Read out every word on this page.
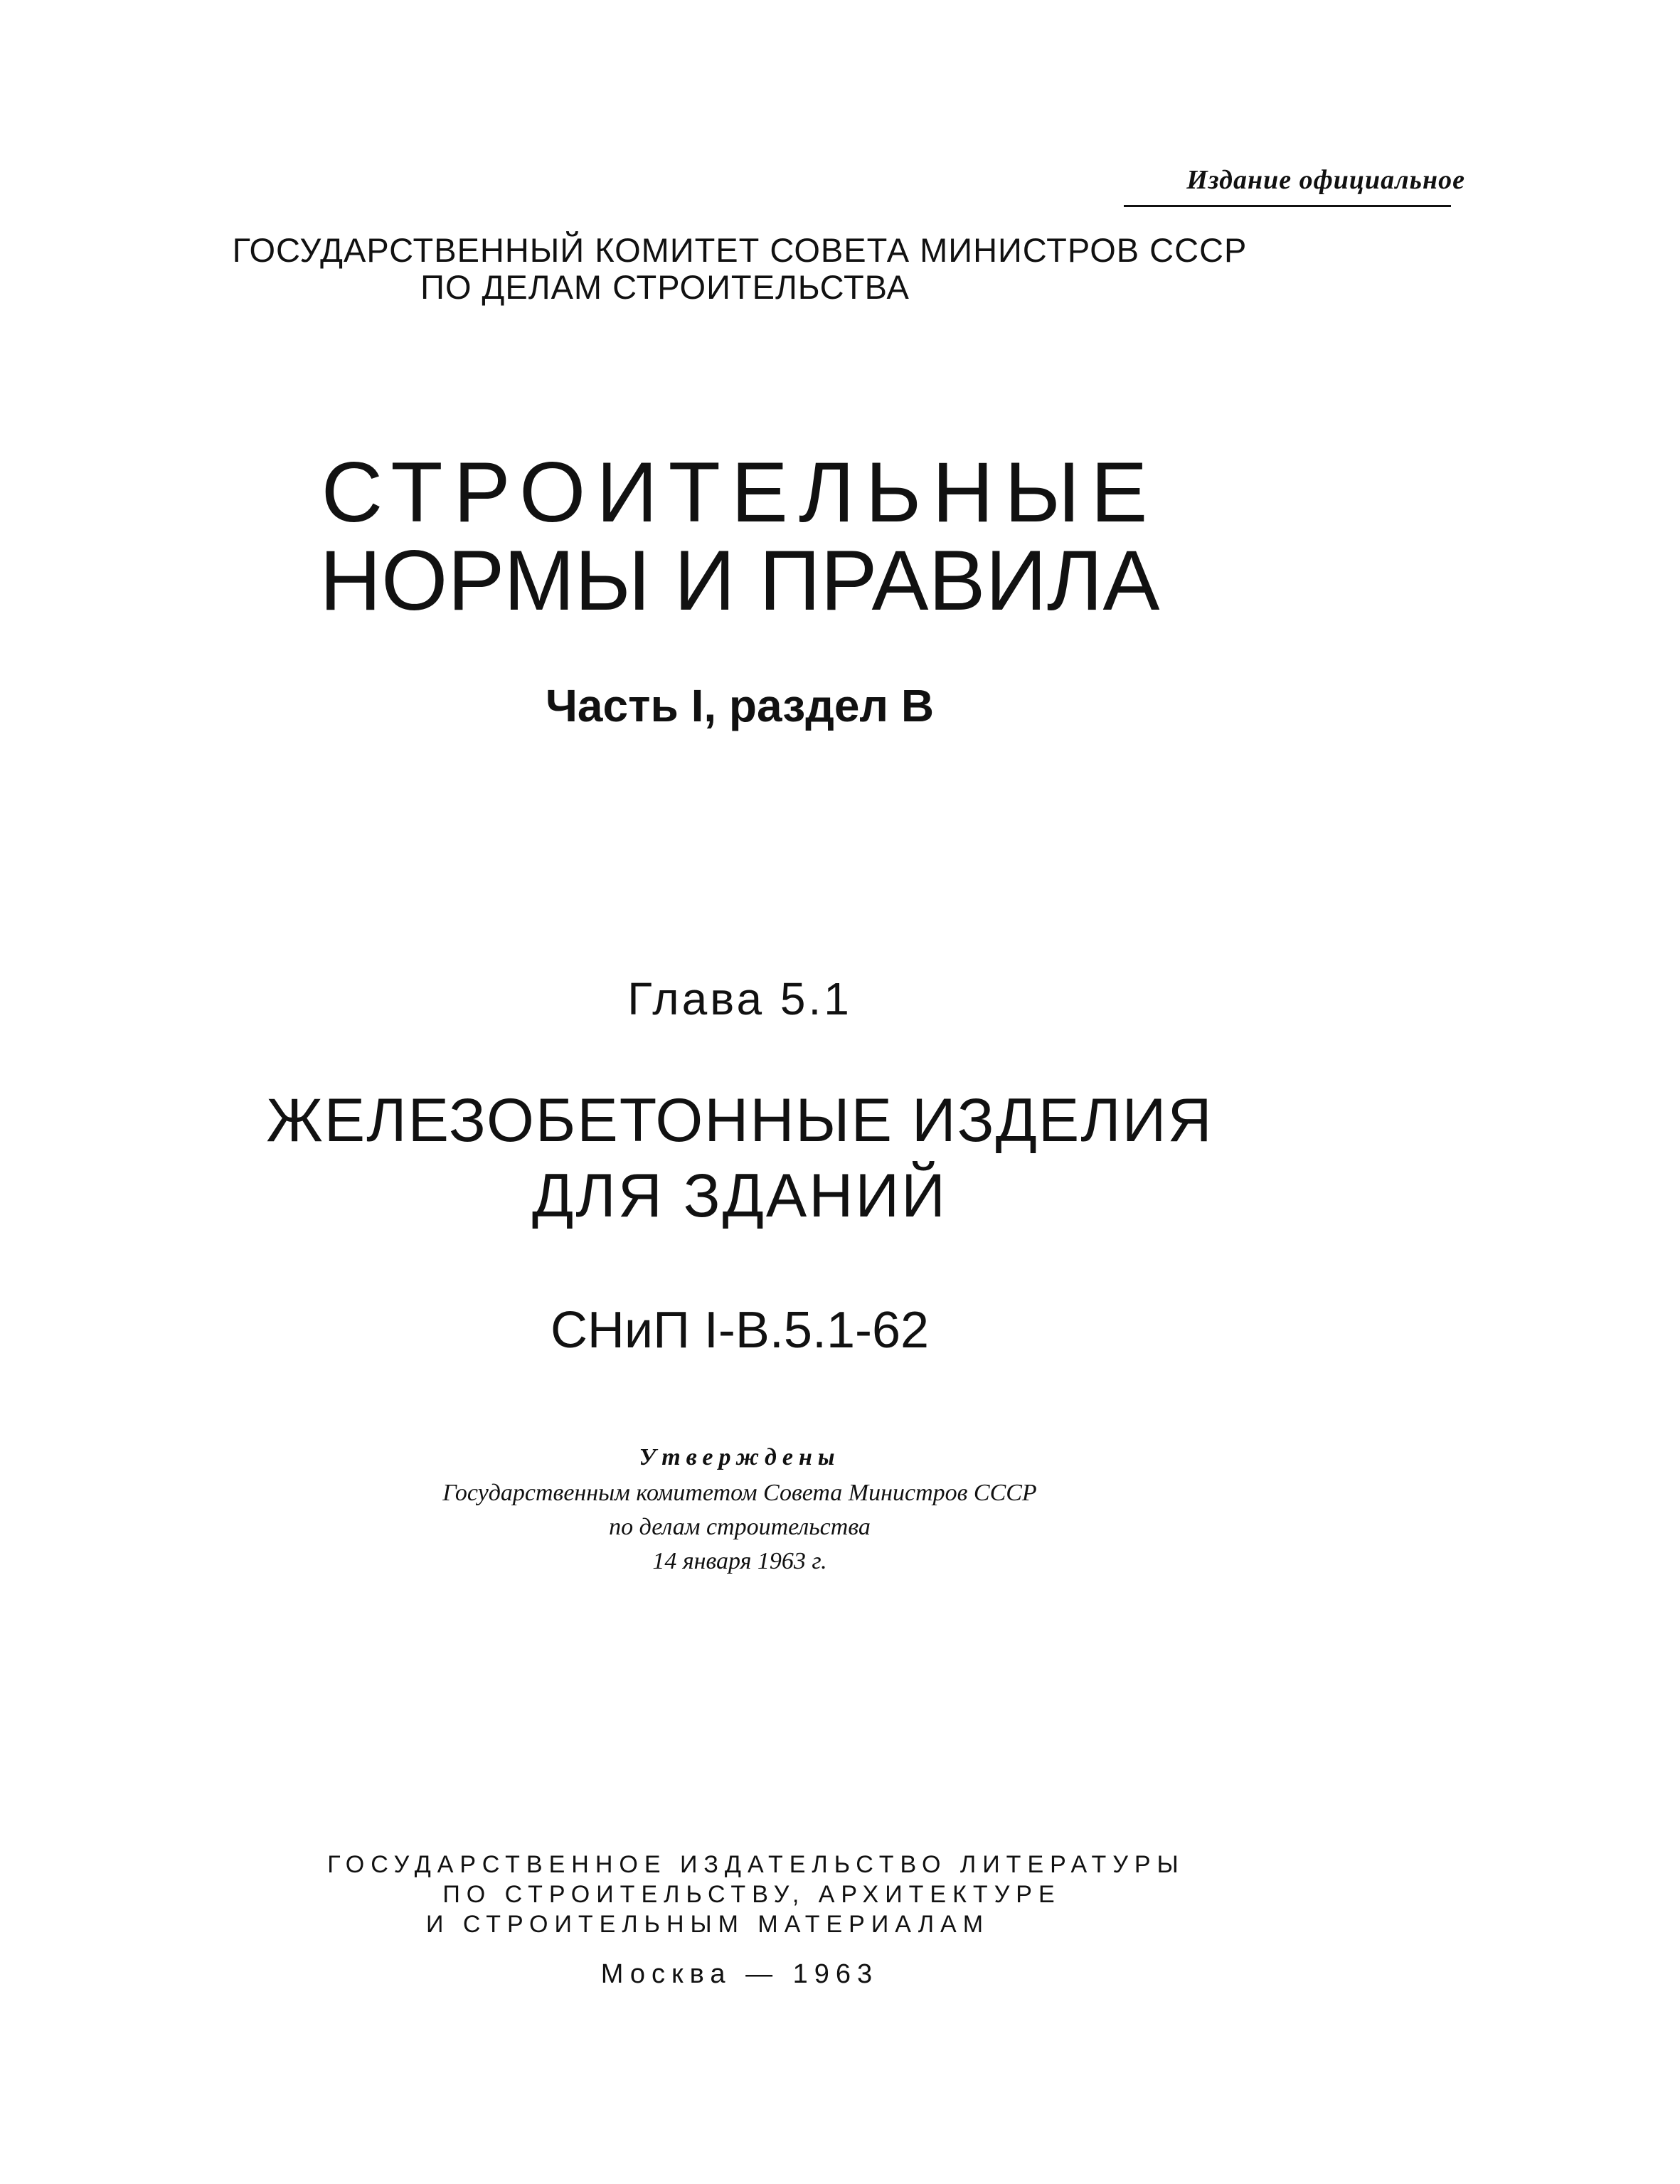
Издание официальное
ГОСУДАРСТВЕННЫЙ КОМИТЕТ СОВЕТА МИНИСТРОВ СССР
ПО ДЕЛАМ СТРОИТЕЛЬСТВА
СТРОИТЕЛЬНЫЕ
НОРМЫ И ПРАВИЛА
Часть I, раздел В
Глава 5.1
ЖЕЛЕЗОБЕТОННЫЕ ИЗДЕЛИЯ
ДЛЯ ЗДАНИЙ
СНиП I-В.5.1-62
Утверждены
Государственным комитетом Совета Министров СССР
по делам строительства
14 января 1963 г.
ГОСУДАРСТВЕННОЕ ИЗДАТЕЛЬСТВО ЛИТЕРАТУРЫ
ПО СТРОИТЕЛЬСТВУ, АРХИТЕКТУРЕ
И СТРОИТЕЛЬНЫМ МАТЕРИАЛАМ
Москва — 1963
